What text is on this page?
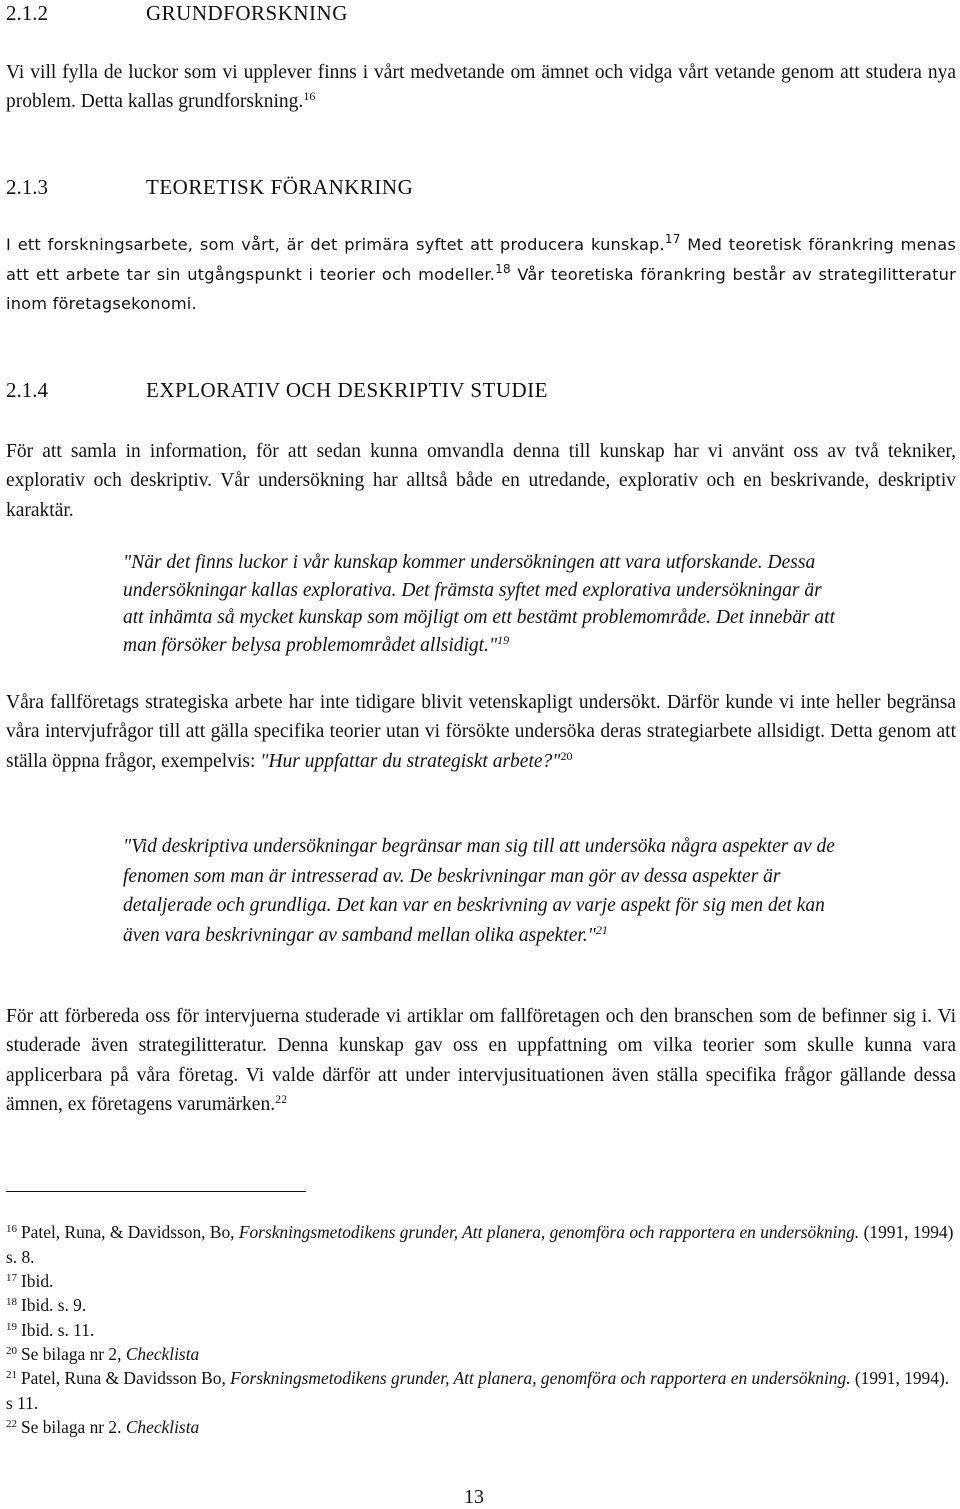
2.1.2	GRUNDFORSKNING
Vi vill fylla de luckor som vi upplever finns i vårt medvetande om ämnet och vidga vårt vetande genom att studera nya problem. Detta kallas grundforskning.$^{16}$
2.1.3	TEORETISK FÖRANKRING
I ett forskningsarbete, som vårt, är det primära syftet att producera kunskap.$^{17}$ Med teoretisk förankring menas att ett arbete tar sin utgångspunkt i teorier och modeller.$^{18}$ Vår teoretiska förankring består av strategilitteratur inom företagsekonomi.
2.1.4	EXPLORATIV OCH DESKRIPTIV STUDIE
För att samla in information, för att sedan kunna omvandla denna till kunskap har vi använt oss av två tekniker, explorativ och deskriptiv. Vår undersökning har alltså både en utredande, explorativ och en beskrivande, deskriptiv karaktär.
"När det finns luckor i vår kunskap kommer undersökningen att vara utforskande. Dessa undersökningar kallas explorativa. Det främsta syftet med explorativa undersökningar är att inhämta så mycket kunskap som möjligt om ett bestämt problemområde. Det innebär att man försöker belysa problemområdet allsidigt."$^{19}$
Våra fallföretags strategiska arbete har inte tidigare blivit vetenskapligt undersökt. Därför kunde vi inte heller begränsa våra intervjufrågor till att gälla specifika teorier utan vi försökte undersöka deras strategiarbete allsidigt. Detta genom att ställa öppna frågor, exempelvis: "Hur uppfattar du strategiskt arbete?"$^{20}$
"Vid deskriptiva undersökningar begränsar man sig till att undersöka några aspekter av de fenomen som man är intresserad av. De beskrivningar man gör av dessa aspekter är detaljerade och grundliga. Det kan var en beskrivning av varje aspekt för sig men det kan även vara beskrivningar av samband mellan olika aspekter."$^{21}$
För att förbereda oss för intervjuerna studerade vi artiklar om fallföretagen och den branschen som de befinner sig i. Vi studerade även strategilitteratur. Denna kunskap gav oss en uppfattning om vilka teorier som skulle kunna vara applicerbara på våra företag. Vi valde därför att under intervjusituationen även ställa specifika frågor gällande dessa ämnen, ex företagens varumärken.$^{22}$
$^{16}$ Patel, Runa, & Davidsson, Bo, Forskningsmetodikens grunder, Att planera, genomföra och rapportera en undersökning. (1991, 1994) s. 8.
$^{17}$ Ibid.
$^{18}$ Ibid. s. 9.
$^{19}$ Ibid. s. 11.
$^{20}$ Se bilaga nr 2, Checklista
$^{21}$ Patel, Runa & Davidsson Bo, Forskningsmetodikens grunder, Att planera, genomföra och rapportera en undersökning. (1991, 1994). s 11.
$^{22}$ Se bilaga nr 2. Checklista
13
